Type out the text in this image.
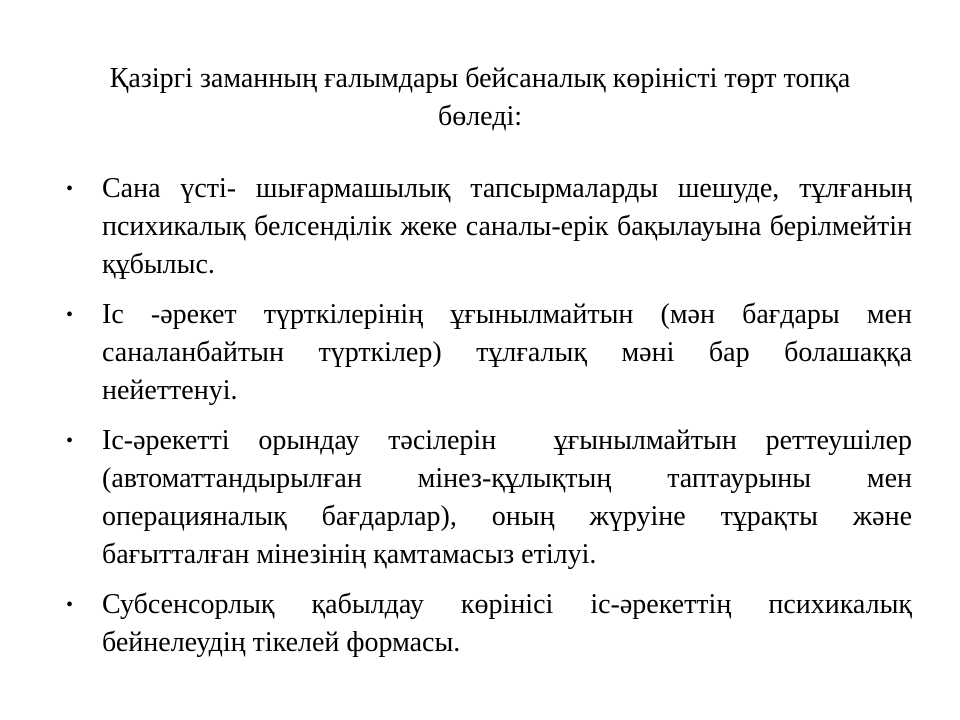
Қазіргі заманның ғалымдары бейсаналық көріністі төрт топқа бөледі:
•	Сана үсті- шығармашылық тапсырмаларды шешуде, тұлғаның психикалық белсенділік жеке саналы-ерік бақылауына берілмейтін құбылыс.
•	Іс -әрекет түрткілерінің ұғынылмайтын (мән бағдары мен саналанбайтын түрткілер) тұлғалық мәні бар болашаққа нейеттенуі.
•	Іс-әрекетті орындау тәсілерін  ұғынылмайтын реттеушілер (автоматтандырылған мінез-құлықтың таптаурыны мен операцияналық бағдарлар), оның жүруіне тұрақты және бағытталған мінезінің қамтамасыз етілуі.
•	Субсенсорлық қабылдау көрінісі іс-әрекеттің психикалық бейнелеудің тікелей формасы.
